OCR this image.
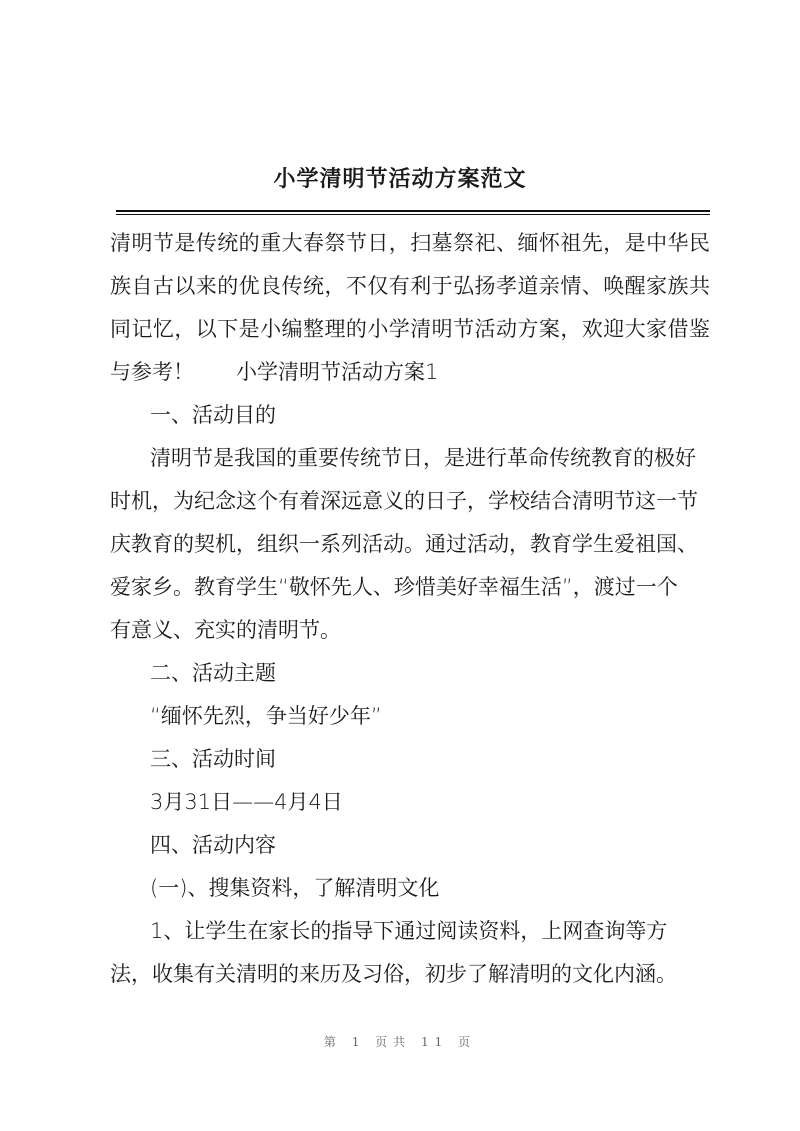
小学清明节活动方案范文
清明节是传统的重大春祭节日，扫墓祭祀、缅怀祖先，是中华民
族自古以来的优良传统，不仅有利于弘扬孝道亲情、唤醒家族共
同记忆，以下是小编整理的小学清明节活动方案，欢迎大家借鉴
与参考！ 小学清明节活动方案1
一、活动目的
清明节是我国的重要传统节日，是进行革命传统教育的极好
时机，为纪念这个有着深远意义的日子，学校结合清明节这一节
庆教育的契机，组织一系列活动。通过活动，教育学生爱祖国、
爱家乡。教育学生“敬怀先人、珍惜美好幸福生活”，渡过一个
有意义、充实的清明节。
二、活动主题
“缅怀先烈，争当好少年”
三、活动时间
3月31日——4月4日
四、活动内容
(一)、搜集资料，了解清明文化
1、让学生在家长的指导下通过阅读资料，上网查询等方
法，收集有关清明的来历及习俗，初步了解清明的文化内涵。
第 1 页共 11 页
